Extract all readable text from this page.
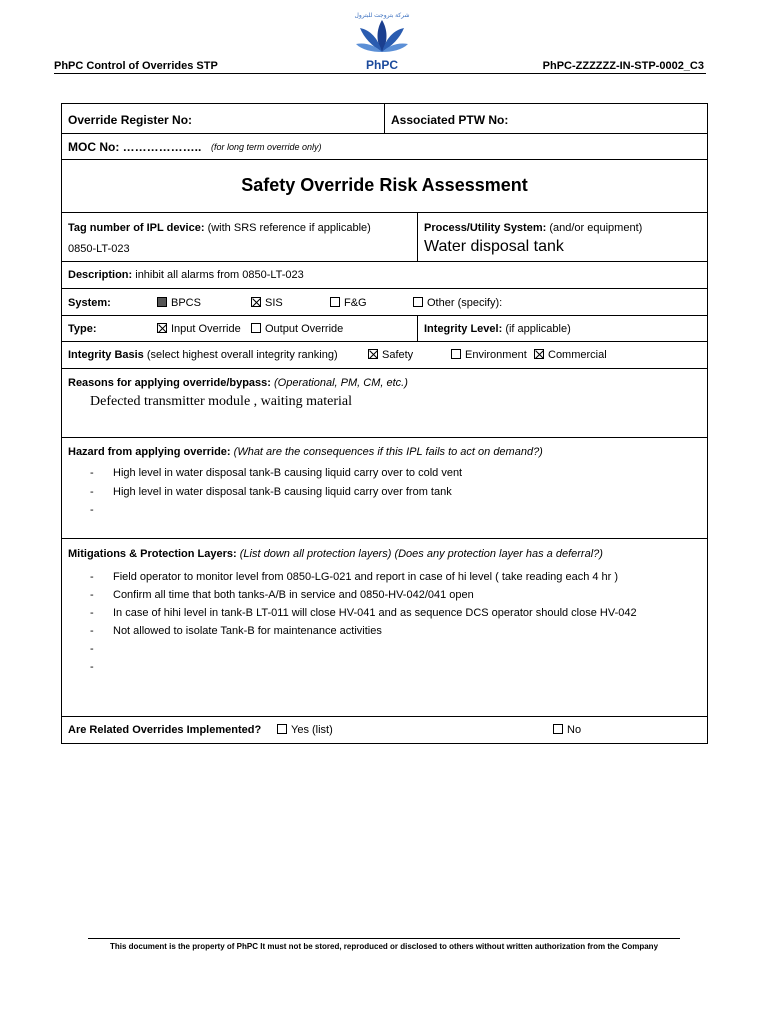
PhPC Control of Overrides STP
شركة بتروجت للبترول
PhPC	PhPC-ZZZZZZ-IN-STP-0002_C3
Override Register No:	Associated PTW No:
MOC No: ……………….. (for long term override only)
Safety Override Risk Assessment
Tag number of IPL device: (with SRS reference if applicable)
0850-LT-023
Process/Utility System: (and/or equipment)
Water disposal tank
Description: inhibit all alarms from 0850-LT-023
System:	BPCS	SIS	F&G	Other (specify):
Type:	Input Override	Output Override	Integrity Level: (if applicable)
Integrity Basis (select highest overall integrity ranking)	Safety	Environment	Commercial
Reasons for applying override/bypass: (Operational, PM, CM, etc.)
Defected transmitter module , waiting material
Hazard from applying override: (What are the consequences if this IPL fails to act on demand?)
- High level in water disposal tank-B causing liquid carry over to cold vent
- High level in water disposal tank-B causing liquid carry over from tank
-
Mitigations & Protection Layers: (List down all protection layers) (Does any protection layer has a deferral?)
- Field operator to monitor level from 0850-LG-021 and report in case of hi level ( take reading each 4 hr )
- Confirm all time that both tanks-A/B in service and 0850-HV-042/041 open
- In case of hihi level in tank-B LT-011 will close HV-041 and as sequence DCS operator should close HV-042
- Not allowed to isolate Tank-B for maintenance activities
-
-
Are Related Overrides Implemented?	Yes (list)	No
This document is the property of PhPC It must not be stored, reproduced or disclosed to others without written authorization from the Company
